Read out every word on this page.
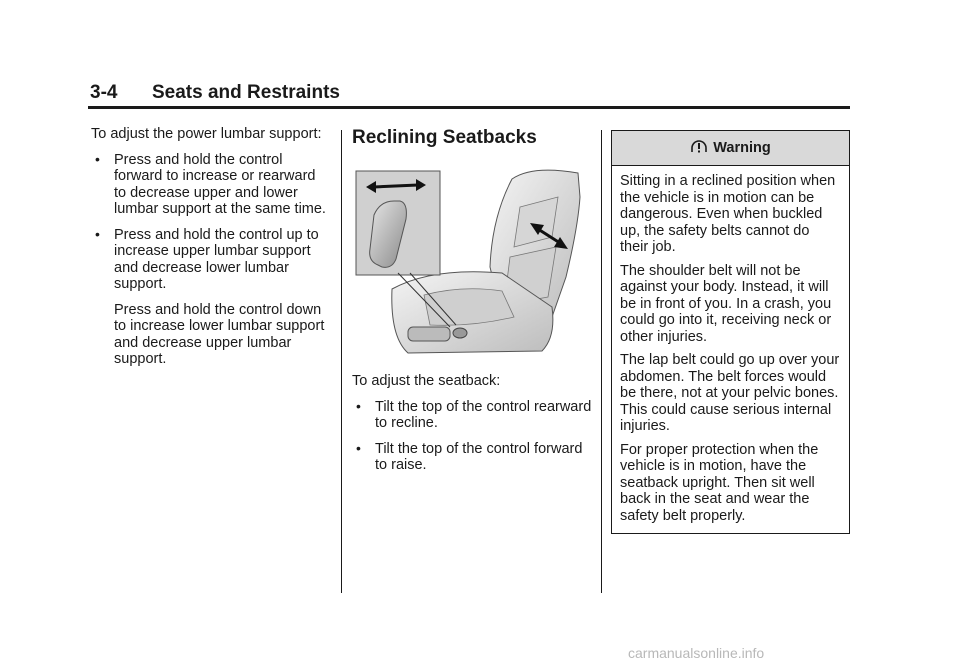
3-4 Seats and Restraints

To adjust the power lumbar support:

• Press and hold the control forward to increase or rearward to decrease upper and lower lumbar support at the same time.
• Press and hold the control up to increase upper lumbar support and decrease lower lumbar support.

Press and hold the control down to increase lower lumbar support and decrease upper lumbar support.

Reclining Seatbacks

To adjust the seatback:

• Tilt the top of the control rearward to recline.
• Tilt the top of the control forward to raise.
Warning

Sitting in a reclined position when the vehicle is in motion can be dangerous. Even when buckled up, the safety belts cannot do their job.

The shoulder belt will not be against your body. Instead, it will be in front of you. In a crash, you could go into it, receiving neck or other injuries.

The lap belt could go up over your abdomen. The belt forces would be there, not at your pelvic bones. This could cause serious internal injuries.

For proper protection when the vehicle is in motion, have the seatback upright. Then sit well back in the seat and wear the safety belt properly.

carmanualsonline.info
